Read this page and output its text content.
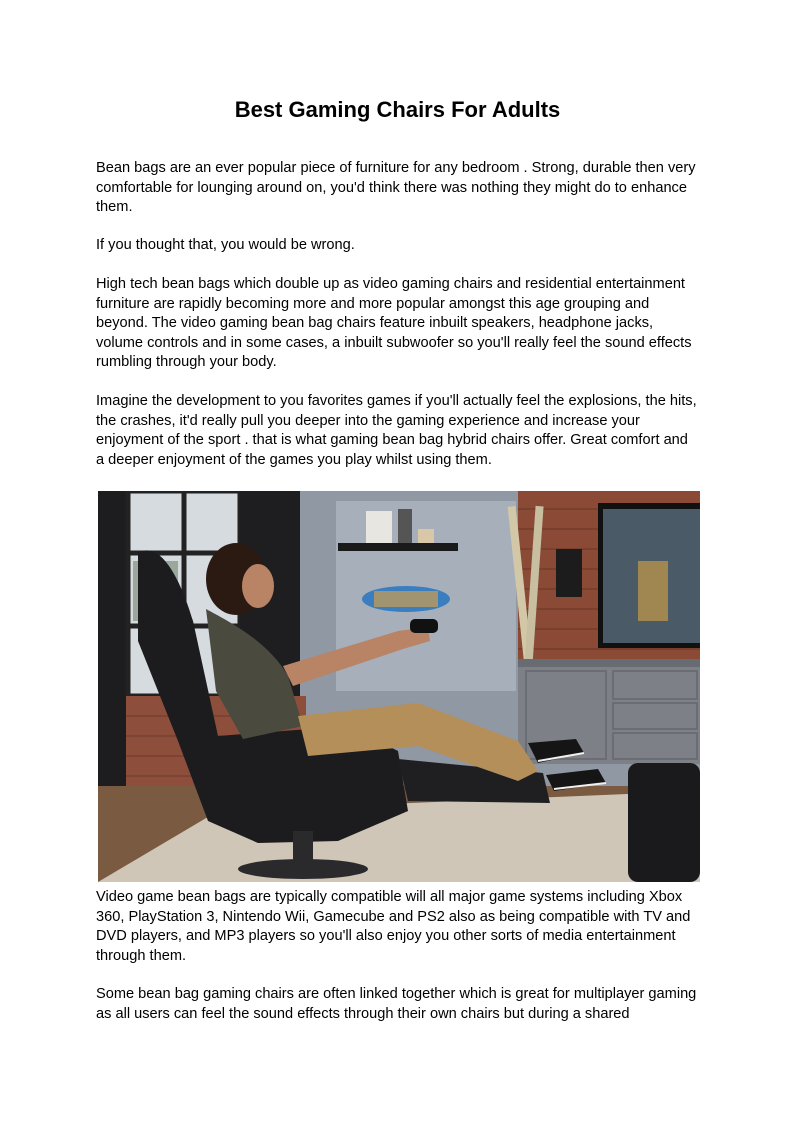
Best Gaming Chairs For Adults

Bean bags are an ever popular piece of furniture for any bedroom . Strong, durable then very comfortable for lounging around on, you'd think there was nothing they might do to enhance them.

If you thought that, you would be wrong.

High tech bean bags which double up as video gaming chairs and residential entertainment furniture are rapidly becoming more and more popular amongst this age grouping and beyond. The video gaming bean bag chairs feature inbuilt speakers, headphone jacks, volume controls and in some cases, a inbuilt subwoofer so you'll really feel the sound effects rumbling through your body.

Imagine the development to you favorites games if you'll actually feel the explosions, the hits, the crashes, it'd really pull you deeper into the gaming experience and increase your enjoyment of the sport . that is what gaming bean bag hybrid chairs offer. Great comfort and a deeper enjoyment of the games you play whilst using them.

Video game bean bags are typically compatible will all major game systems including Xbox 360, PlayStation 3, Nintendo Wii, Gamecube and PS2 also as being compatible with TV and DVD players, and MP3 players so you'll also enjoy you other sorts of media entertainment through them.

Some bean bag gaming chairs are often linked together which is great for multiplayer gaming as all users can feel the sound effects through their own chairs but during a shared
